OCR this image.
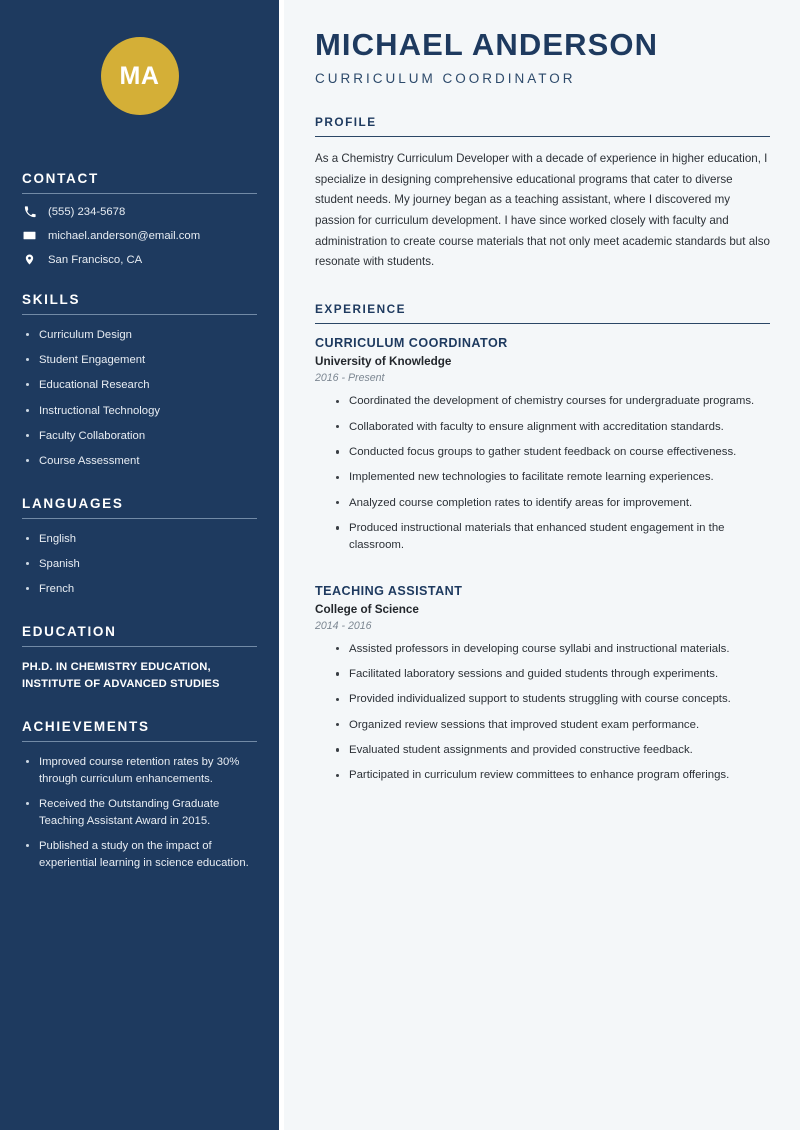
MA
CONTACT
(555) 234-5678
michael.anderson@email.com
San Francisco, CA
SKILLS
Curriculum Design
Student Engagement
Educational Research
Instructional Technology
Faculty Collaboration
Course Assessment
LANGUAGES
English
Spanish
French
EDUCATION
PH.D. IN CHEMISTRY EDUCATION, INSTITUTE OF ADVANCED STUDIES
ACHIEVEMENTS
Improved course retention rates by 30% through curriculum enhancements.
Received the Outstanding Graduate Teaching Assistant Award in 2015.
Published a study on the impact of experiential learning in science education.
MICHAEL ANDERSON
CURRICULUM COORDINATOR
PROFILE

As a Chemistry Curriculum Developer with a decade of experience in higher education, I specialize in designing comprehensive educational programs that cater to diverse student needs. My journey began as a teaching assistant, where I discovered my passion for curriculum development. I have since worked closely with faculty and administration to create course materials that not only meet academic standards but also resonate with students.

EXPERIENCE
CURRICULUM COORDINATOR
University of Knowledge
2016 - Present
Coordinated the development of chemistry courses for undergraduate programs.
Collaborated with faculty to ensure alignment with accreditation standards.
Conducted focus groups to gather student feedback on course effectiveness.
Implemented new technologies to facilitate remote learning experiences.
Analyzed course completion rates to identify areas for improvement.
Produced instructional materials that enhanced student engagement in the classroom.
TEACHING ASSISTANT
College of Science
2014 - 2016
Assisted professors in developing course syllabi and instructional materials.
Facilitated laboratory sessions and guided students through experiments.
Provided individualized support to students struggling with course concepts.
Organized review sessions that improved student exam performance.
Evaluated student assignments and provided constructive feedback.
Participated in curriculum review committees to enhance program offerings.
